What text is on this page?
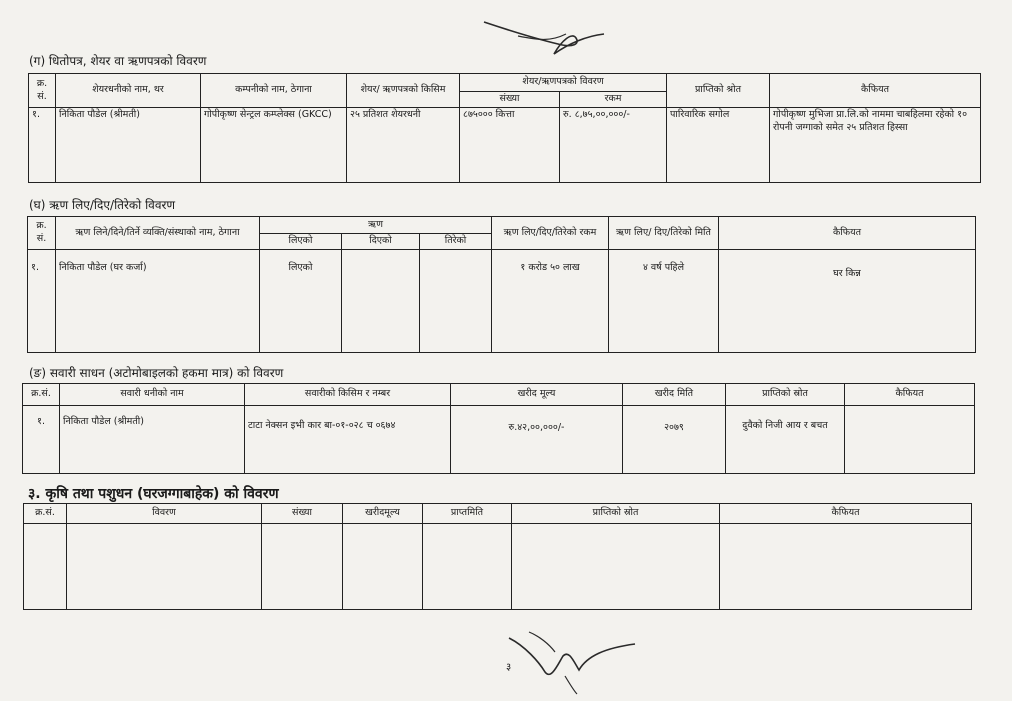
(ग) धितोपत्र, शेयर वा ऋणपत्रको विवरण
क्र. सं.	शेयरधनीको नाम, थर	कम्पनीको नाम, ठेगाना	शेयर/ ऋणपत्रको किसिम	शेयर/ऋणपत्रको विवरण		प्राप्तिको श्रोत	कैफियत
				संख्या	रकम		
१.	निकिता पौडेल (श्रीमती)	गोपीकृष्ण सेन्ट्रल कम्प्लेक्स (GKCC)	२५ प्रतिशत शेयरधनी	८७५००० कित्ता	रु. ८,७५,००,०००/-	पारिवारिक सगोल	गोपीकृष्ण मुभिजा प्रा.लि.को नाममा चाबहिलमा रहेको १० रोपनी जग्गाको समेत २५ प्रतिशत हिस्सा
(घ) ऋण लिए/दिए/तिरेको विवरण
क्र. सं.	ऋण लिने/दिने/तिर्ने व्यक्ति/संस्थाको नाम, ठेगाना	ऋण			ऋण लिए/दिए/तिरेको रकम	ऋण लिए/ दिए/तिरेको मिति	कैफियत
		लिएको	दिएको	तिरेको			
१.	निकिता पौडेल (घर कर्जा)	लिएको			१ करोड ५० लाख	४ वर्ष पहिले	घर किन्न
(ङ) सवारी साधन (अटोमोबाइलको हकमा मात्र) को विवरण
क्र.सं.	सवारी धनीको नाम	सवारीको किसिम र नम्बर	खरीद मूल्य	खरीद मिति	प्राप्तिको स्रोत	कैफियत
१.	निकिता पौडेल (श्रीमती)	टाटा नेक्सन इभी कार बा-०१-०२८ च ०६७४	रु.४२,००,०००/-	२०७९	दुवैको निजी आय र बचत	
३. कृषि तथा पशुधन (घरजग्गाबाहेक) को विवरण
क्र.सं.	विवरण	संख्या	खरीदमूल्य	प्राप्तमिति	प्राप्तिको स्रोत	कैफियत

३
